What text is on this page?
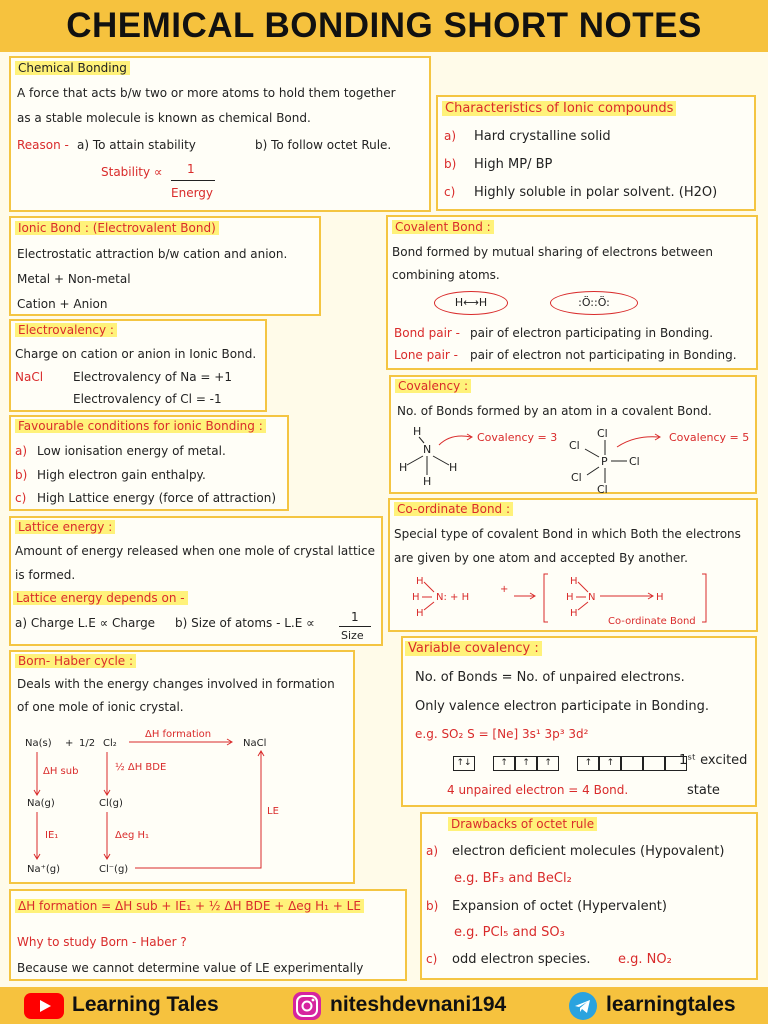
CHEMICAL BONDING SHORT NOTES
Chemical Bonding
A force that acts b/w two or more atoms to hold them together
as a stable molecule is known as chemical Bond.
Reason - a) To attain stability	b) To follow octet Rule.
Stability ∝ 1
Energy
Characteristics of Ionic compounds
a) Hard crystalline solid
b) High MP/ BP
c) Highly soluble in polar solvent. (H2O)
Ionic Bond : (Electrovalent Bond)
Electrostatic attraction b/w cation and anion.
Metal + Non-metal
Cation + Anion
Covalent Bond :
Bond formed by mutual sharing of electrons between
combining atoms.
H⟷H	:Ö::Ö:
Bond pair - pair of electron participating in Bonding.
Lone pair - pair of electron not participating in Bonding.
Electrovalency :
Charge on cation or anion in Ionic Bond.
NaCl Electrovalency of Na = +1
Electrovalency of Cl = -1
Covalency :
No. of Bonds formed by an atom in a covalent Bond.
N
H	H
H
H	Covalency = 3
P
Cl
Cl
Cl
Cl
Cl
Covalency = 5
Favourable conditions for ionic Bonding :
a) Low ionisation energy of metal.
b) High electron gain enthalpy.
c) High Lattice energy (force of attraction)
Co-ordinate Bond :
Special type of covalent Bond in which Both the electrons
are given by one atom and accepted By another.
H
H
H
N: + H
+
H
H
H
N	H
Co-ordinate Bond
Lattice energy :
Amount of energy released when one mole of crystal lattice
is formed.
Lattice energy depends on -
a) Charge L.E ∝ Charge b) Size of atoms - L.E ∝	1
Size
Variable covalency :
No. of Bonds = No. of unpaired electrons.
Only valence electron participate in Bonding.
e.g. SO₂ S = [Ne] 3s¹ 3p³ 3d²
↑↓	↑ ↑ ↑	↑ ↑	1ˢᵗ excited
4 unpaired electron = 4 Bond.	state
Born- Haber cycle :
Deals with the energy changes involved in formation
of one mole of ionic crystal.
Na(s) + 1/2 Cl₂
ΔH formation
NaCl
ΔH sub	½ ΔH BDE
Na(g)	Cl(g)
IE₁	Δeg H₁
Na⁺(g)	Cl⁻(g)
LE
Drawbacks of octet rule
a) electron deficient molecules (Hypovalent)
e.g. BF₃ and BeCl₂
b) Expansion of octet (Hypervalent)
e.g. PCl₅ and SO₃
c) odd electron species. e.g. NO₂
ΔH formation = ΔH sub + IE₁ + ½ ΔH BDE + Δeg H₁ + LE
Why to study Born - Haber ?
Because we cannot determine value of LE experimentally
Learning Tales	niteshdevnani194	learningtales
